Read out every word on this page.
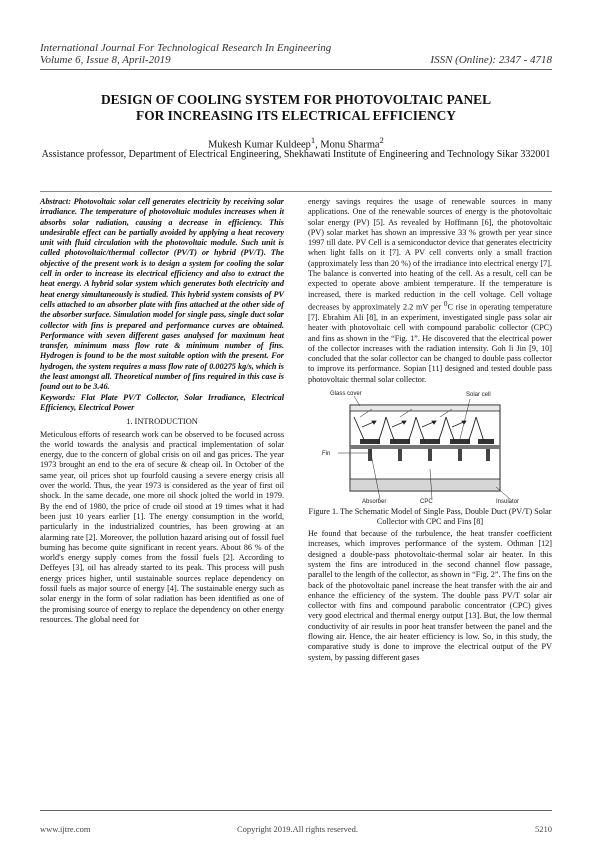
International Journal For Technological Research In Engineering
Volume 6, Issue 8, April-2019	ISSN (Online): 2347 - 4718
DESIGN OF COOLING SYSTEM FOR PHOTOVOLTAIC PANEL
FOR INCREASING ITS ELECTRICAL EFFICIENCY
Mukesh Kumar Kuldeep$^1$, Monu Sharma$^2$
Assistance professor, Department of Electrical Engineering, Shekhawati Institute of Engineering and Technology Sikar 332001

Abstract: Photovoltaic solar cell generates electricity by receiving solar irradiance. The temperature of photovoltaic modules increases when it absorbs solar radiation, causing a decrease in efficiency. This undesirable effect can be partially avoided by applying a heat recovery unit with fluid circulation with the photovoltaic module. Such unit is called photovoltaic/thermal collector (PV/T) or hybrid (PV/T). The objective of the present work is to design a system for cooling the solar cell in order to increase its electrical efficiency and also to extract the heat energy. A hybrid solar system which generates both electricity and heat energy simultaneously is studied. This hybrid system consists of PV cells attached to an absorber plate with fins attached at the other side of the absorber surface. Simulation model for single pass, single duct solar collector with fins is prepared and performance curves are obtained. Performance with seven different gases analysed for maximum heat transfer, minimum mass flow rate & minimum number of fins. Hydrogen is found to be the most suitable option with the present. For hydrogen, the system requires a mass flow rate of 0.00275 kg/s, which is the least amongst all. Theoretical number of fins required in this case is found out to be 3.46.

Keywords: Flat Plate PV/T Collector, Solar Irradiance, Electrical Efficiency, Electrical Power

1. INTRODUCTION

Meticulous efforts of research work can be observed to be focused across the world towards the analysis and practical implementation of solar energy, due to the concern of global crisis on oil and gas prices. The year 1973 brought an end to the era of secure & cheap oil. In October of the same year, oil prices shot up fourfold causing a severe energy crisis all over the world. Thus, the year 1973 is considered as the year of first oil shock. In the same decade, one more oil shock jolted the world in 1979. By the end of 1980, the price of crude oil stood at 19 times what it had been just 10 years earlier [1]. The energy consumption in the world, particularly in the industrialized countries, has been growing at an alarming rate [2]. Moreover, the pollution hazard arising out of fossil fuel burning has become quite significant in recent years. About 86 % of the world's energy supply comes from the fossil fuels [2]. According to Deffeyes [3], oil has already started to its peak. This process will push energy prices higher, until sustainable sources replace dependency on fossil fuels as major source of energy [4]. The sustainable energy such as solar energy in the form of solar radiation has been identified as one of the promising source of energy to replace the dependency on other energy resources. The global need for

energy savings requires the usage of renewable sources in many applications. One of the renewable sources of energy is the photovoltaic solar energy (PV) [5]. As revealed by Hoffmann [6], the photovoltaic (PV) solar market has shown an impressive 33 % growth per year since 1997 till date. PV Cell is a semiconductor device that generates electricity when light falls on it [7]. A PV cell converts only a small fraction (approximately less than 20 %) of the irradiance into electrical energy [7]. The balance is converted into heating of the cell. As a result, cell can be expected to operate above ambient temperature. If the temperature is increased, there is marked reduction in the cell voltage. Cell voltage decreases by approximately 2.2 mV per $^0$C rise in operating temperature [7]. Ebrahim Ali [8], in an experiment, investigated single pass solar air heater with photovoltaic cell with compound parabolic collector (CPC) and fins as shown in the “Fig. 1”. He discovered that the electrical power of the collector increases with the radiation intensity. Goh li Jin [9, 10] concluded that the solar collector can be changed to double pass collector to improve its performance. Sopian [11] designed and tested double pass photovoltaic thermal solar collector.

Glass cover	Solar cell
Fin
Absorber	CPC	Insulator

Figure 1. The Schematic Model of Single Pass, Double Duct (PV/T) Solar Collector with CPC and Fins [8]

He found that because of the turbulence, the heat transfer coefficient increases, which improves performance of the system. Othman [12] designed a double-pass photovoltaic-thermal solar air heater. In this system the fins are introduced in the second channel flow passage, parallel to the length of the collector, as shown in “Fig. 2”. The fins on the back of the photovoltaic panel increase the heat transfer with the air and enhance the efficiency of the system. The double pass PV/T solar air collector with fins and compound parabolic concentrator (CPC) gives very good electrical and thermal energy output [13]. But, the low thermal conductivity of air results in poor heat transfer between the panel and the flowing air. Hence, the air heater efficiency is low. So, in this study, the comparative study is done to improve the electrical output of the PV system, by passing different gases

www.ijtre.com	Copyright 2019.All rights reserved.	5210
